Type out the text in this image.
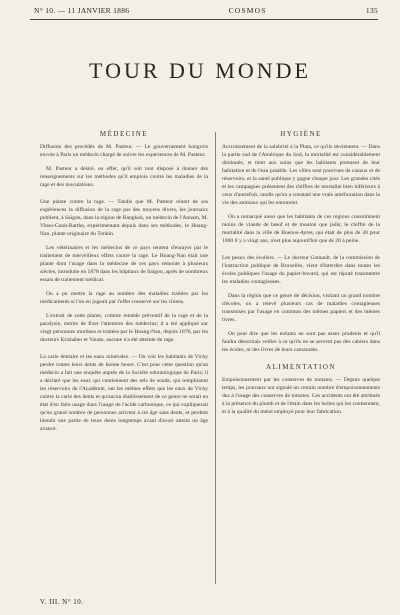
N° 10. — 11 JANVIER 1886	COSMOS	135
TOUR DU MONDE
MÉDECINE

Diffusion des procédés de M. Pasteur. — Le gouvernement hongrois envoie à Paris un médecin chargé de suivre les expériences de M. Pasteur.

M. Pasteur a désiré, en effet, qu'il soit tout disposé à donner des renseignements sur les méthodes qu'il emploie contre les maladies de la rage et des inoculations.

Une plante contre la rage. — Tandis que M. Pasteur réunit de ses expériences la diffusion de la rage par des moyens divers, les journaux publient, à Saïgon, dans la région de Bangkok, un médecin de l'Annam, M. Vinsu-Ganh-Bartha, expérimentant depuis dans ses méthodes, le Hoang-Nan, plante originaire du Tonkin.

Les vétérinaires et les médecins de ce pays tentent d'enrayer par le traitement de merveilleux effets contre la rage. Le Hoang-Nan était une plante dont l'usage dans la médecine de ces pays remonte à plusieurs siècles, introduite en 1878 dans les hôpitaux de Saïgon, après de nombreux essais de traitement médical.

On a pu mettre la rage au nombre des maladies traitées par les médicaments si l'on en jugeait par l'effet conservé sur les chiens.

L'extrait de cette plante, comme remède préventif de la rage et de la paralysie, mérite de fixer l'attention des médecins; il a été appliqué sur vingt personnes mordues et traitées par le Hoang-Nan, depuis 1876, par les docteurs Krishaber et Vaudo, aucune n'a été atteinte de rage.

La carie dentaire et les eaux minérales. — On voit les habitants de Vichy perdre toutes leurs dents de bonne heure. C'est pour cette question qu'un médecin a fait une enquête auprès de la Société odontologique de Paris; il a déclaré que les eaux qui contiennent des sels de soude, qui remplissent les réservoirs de l'Académie, ont les mêmes effets que les eaux de Vichy contre la carie des dents et qu'aucun établissement de ce genre ne serait en état d'en faire usage dans l'usage de l'acide carbonique, ce qui expliquerait qu'un grand nombre de personnes arrivent à cet âge sans dents, et perdent bientôt une partie de leurs dents longtemps avant d'avoir atteint un âge avancé.

HYGIÈNE

Accroissement de la salubrité à la Plata, ce qu'ils deviennent. — Dans la partie sud de l'Amérique du Sud, la mortalité est considérablement diminuée, et tient aux soins que les habitants prennent de leur habitation et de l'eau potable. Les villes sont pourvues de canaux et de réservoirs, et la santé publique y gagne chaque jour. Les grandes cités et les campagnes présentent des chiffres de mortalité bien inférieurs à ceux d'autrefois, tandis qu'on a constaté une vraie amélioration dans la vie des animaux qui les entourent.

On a remarqué aussi que les habitants de ces régions consomment moins de viande de bœuf et de mouton que jadis; le chiffre de la mortalité dans la ville de Buenos-Ayres, qui était de plus de 30 pour 1000 il y a vingt ans, n'est plus aujourd'hui que de 20 à peine.

Les peaux des écoliers. — Le docteur Gamault, de la commission de l'instruction publique de Bruxelles, vient d'interdire dans toutes les écoles publiques l'usage du papier-buvard, qui est réputé transmettre les maladies contagieuses.

Dans la région que ce genre de décision, visitant un grand nombre d'écoles, on a relevé plusieurs cas de maladies contagieuses transmises par l'usage en commun des mêmes papiers et des mêmes livres.

On peut dire que les enfants ne sont pas assez prudents et qu'il faudra désormais veiller à ce qu'ils ne se servent pas des cahiers dans les écoles, ni des livres de leurs camarades.

ALIMENTATION

Empoisonnement par les conserves de tomates. — Depuis quelque temps, les journaux ont signalé un certain nombre d'empoisonnements dus à l'usage des conserves de tomates. Ces accidents ont été attribués à la présence du plomb et de l'étain dans les boîtes qui les contiennent, et à la qualité du métal employé pour leur fabrication.

V. III. N° 10.
